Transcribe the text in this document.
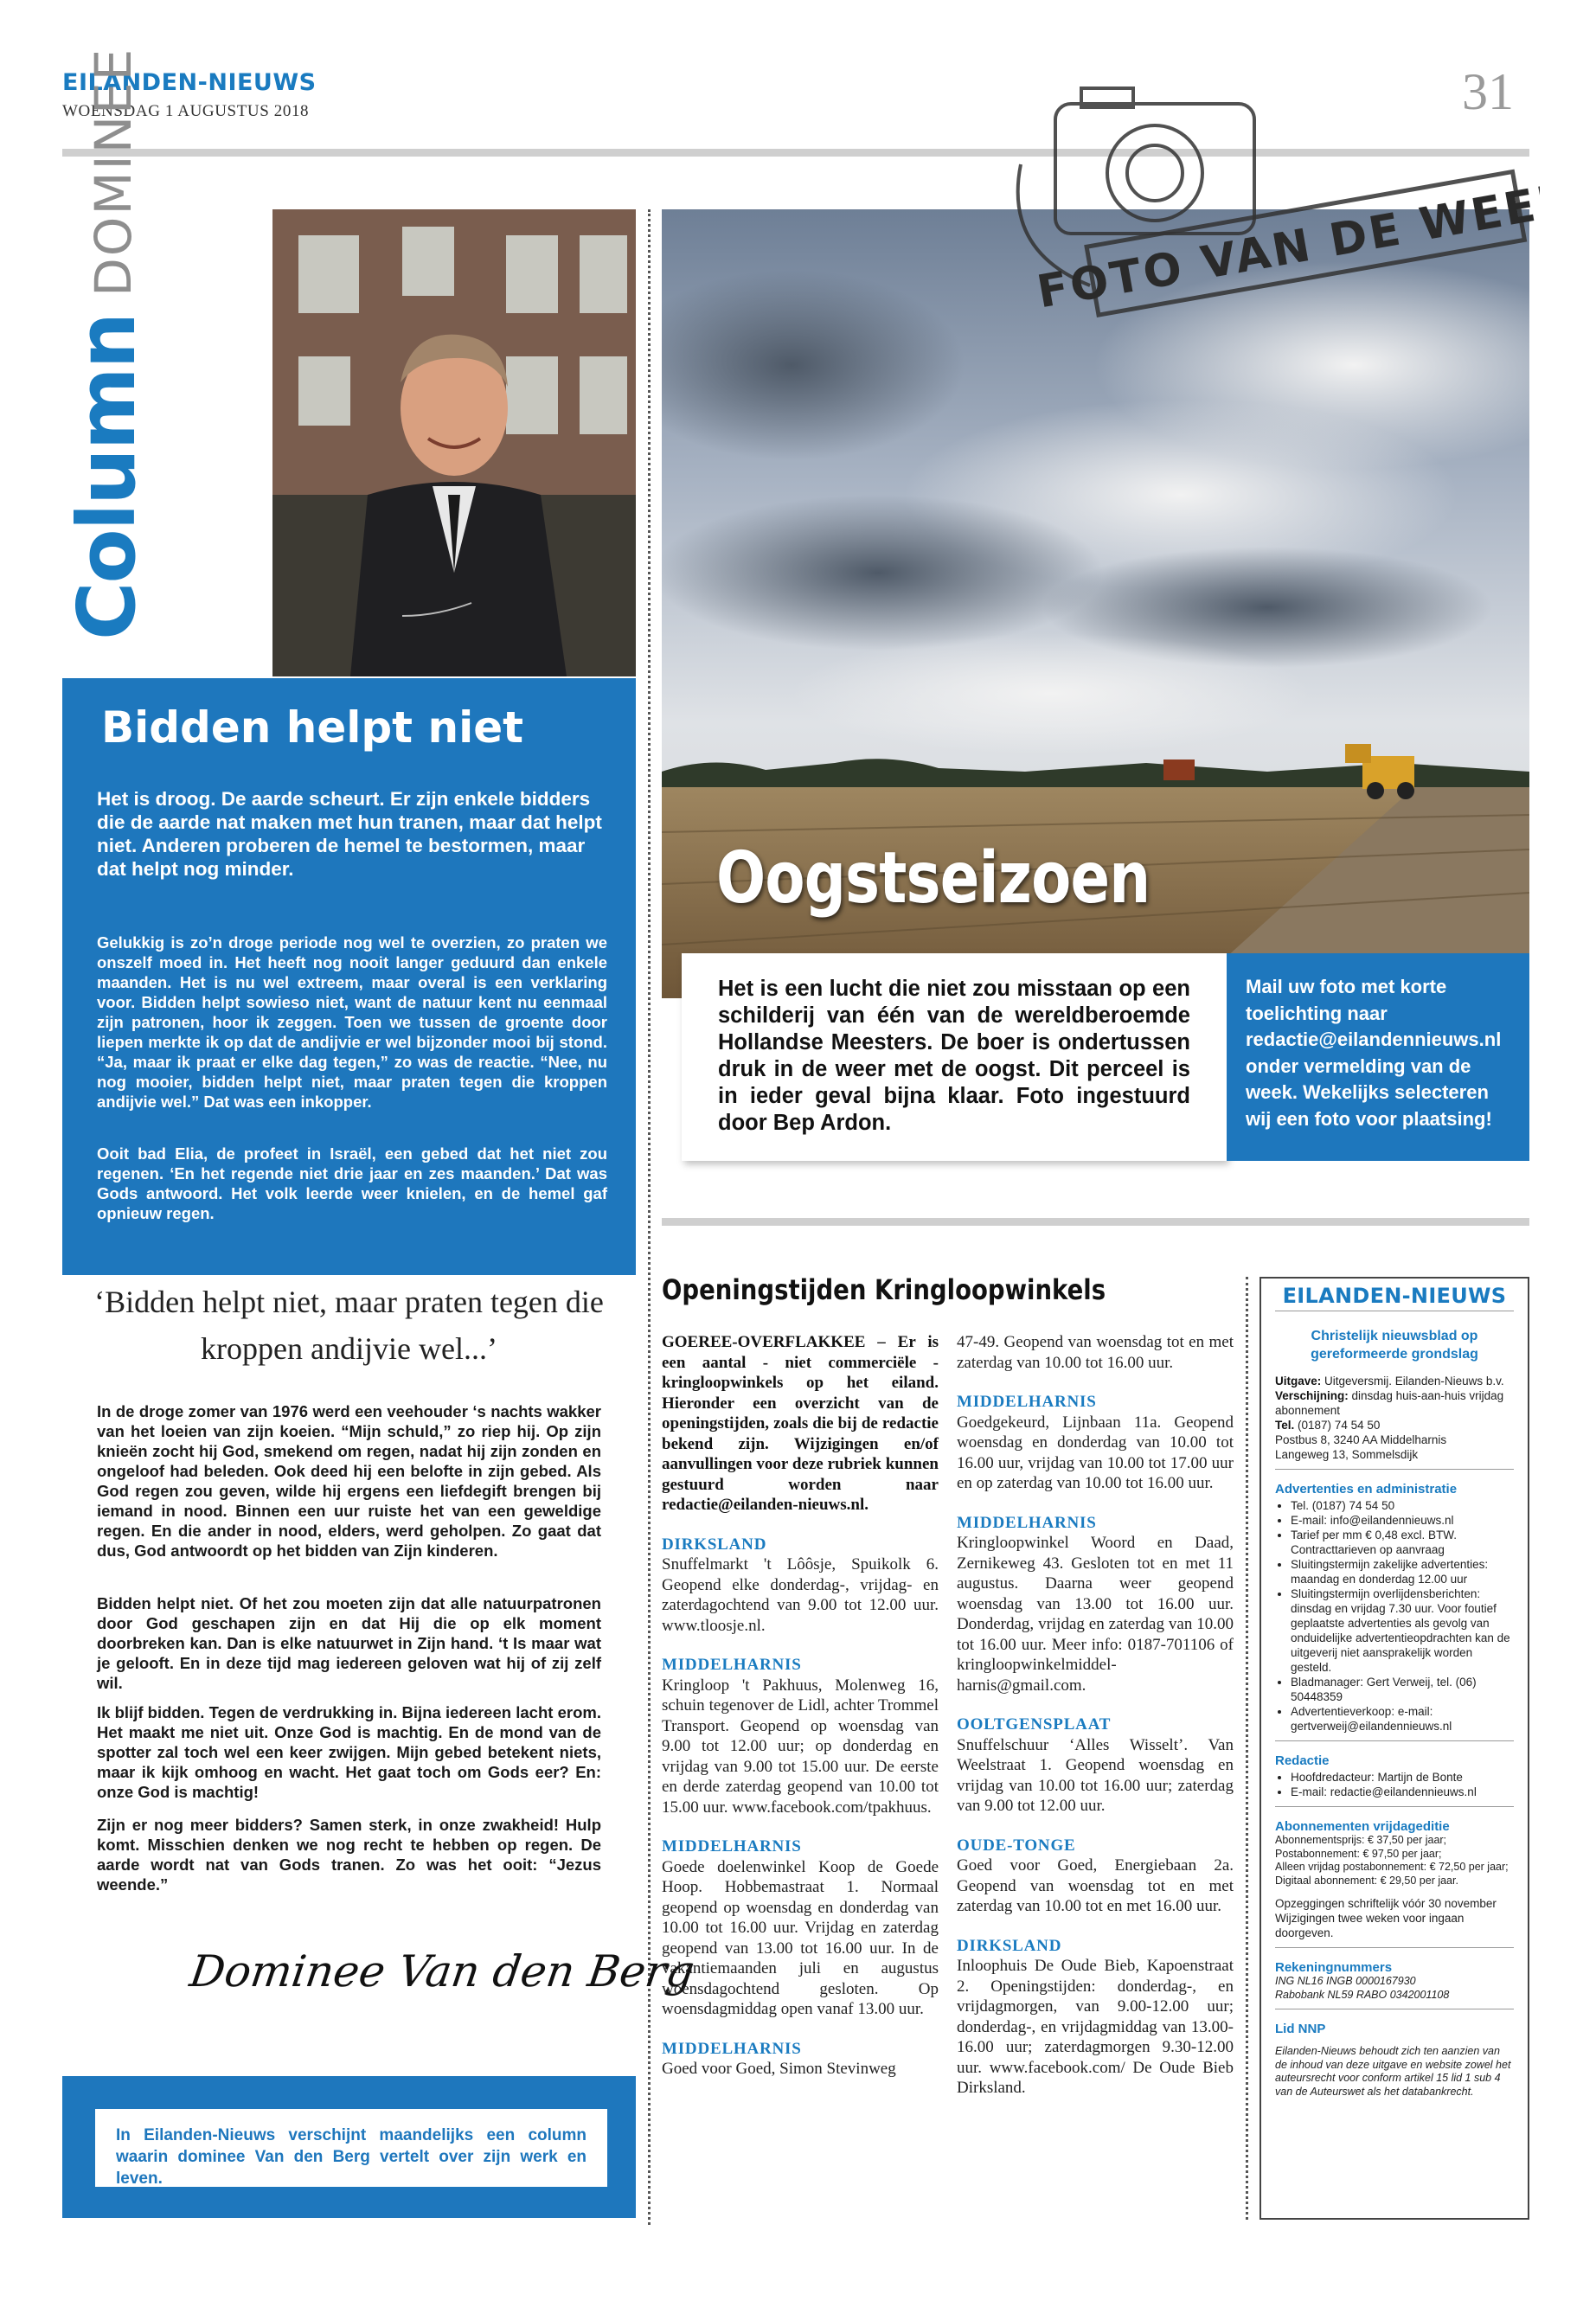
EILANDEN-NIEUWS
WOENSDAG 1 AUGUSTUS 2018	31
ColumnDOMINEE
Bidden helpt niet
Het is droog. De aarde scheurt. Er zijn enkele bidders die de aarde nat maken met hun tranen, maar dat helpt niet. Anderen proberen de hemel te bestormen, maar dat helpt nog minder.
Gelukkig is zo’n droge periode nog wel te overzien, zo praten we onszelf moed in. Het heeft nog nooit langer geduurd dan enkele maanden. Het is nu wel extreem, maar overal is een verklaring voor. Bidden helpt sowieso niet, want de natuur kent nu eenmaal zijn patronen, hoor ik zeggen. Toen we tussen de groente door liepen merkte ik op dat de andijvie er wel bijzonder mooi bij stond. “Ja, maar ik praat er elke dag tegen,” zo was de reactie. “Nee, nu nog mooier, bidden helpt niet, maar praten tegen die kroppen andijvie wel.” Dat was een inkopper.
Ooit bad Elia, de profeet in Israël, een gebed dat het niet zou regenen. ‘En het regende niet drie jaar en zes maanden.’ Dat was Gods antwoord. Het volk leerde weer knielen, en de hemel gaf opnieuw regen.
‘Bidden helpt niet, maar praten tegen die kroppen andijvie wel...’
In de droge zomer van 1976 werd een veehouder ‘s nachts wakker van het loeien van zijn koeien. “Mijn schuld,” zo riep hij. Op zijn knieën zocht hij God, smekend om regen, nadat hij zijn zonden en ongeloof had beleden. Ook deed hij een belofte in zijn gebed. Als God regen zou geven, wilde hij ergens een liefdegift brengen bij iemand in nood. Binnen een uur ruiste het van een geweldige regen. En die ander in nood, elders, werd geholpen. Zo gaat dat dus, God antwoordt op het bidden van Zijn kinderen.
Bidden helpt niet. Of het zou moeten zijn dat alle natuurpatronen door God geschapen zijn en dat Hij die op elk moment doorbreken kan. Dan is elke natuurwet in Zijn hand. ‘t Is maar wat je gelooft. En in deze tijd mag iedereen geloven wat hij of zij zelf wil.
Ik blijf bidden. Tegen de verdrukking in. Bijna iedereen lacht erom. Het maakt me niet uit. Onze God is machtig. En de mond van de spotter zal toch wel een keer zwijgen. Mijn gebed betekent niets, maar ik kijk omhoog en wacht. Het gaat toch om Gods eer? En: onze God is machtig!
Zijn er nog meer bidders? Samen sterk, in onze zwakheid! Hulp komt. Misschien denken we nog recht te hebben op regen. De aarde wordt nat van Gods tranen. Zo was het ooit: “Jezus weende.”
Dominee Van den Berg
In Eilanden-Nieuws verschijnt maandelijks een column waarin dominee Van den Berg vertelt over zijn werk en leven.
FOTO VAN DE WEEK
Oogstseizoen
Het is een lucht die niet zou misstaan op een schilderij van één van de wereldberoemde Hollandse Meesters. De boer is ondertussen druk in de weer met de oogst. Dit perceel is in ieder geval bijna klaar. Foto ingestuurd door Bep Ardon.
Mail uw foto met korte toelichting naar redactie@eilandennieuws.nl onder vermelding van de week. Wekelijks selecteren wij een foto voor plaatsing!
Openingstijden Kringloopwinkels

GOEREE-OVERFLAKKEE – Er is een aantal - niet commerciële - kringloopwinkels op het eiland. Hieronder een overzicht van de openingstijden, zoals die bij de redactie bekend zijn. Wijzigingen en/of aanvullingen voor deze rubriek kunnen gestuurd worden naar redactie@eilanden-nieuws.nl.

DIRKSLAND

Snuffelmarkt 't Lôôsje, Spuikolk 6. Geopend elke donderdag-, vrijdag- en zaterdagochtend van 9.00 tot 12.00 uur. www.tloosje.nl.

MIDDELHARNIS

Kringloop 't Pakhuus, Molenweg 16, schuin tegenover de Lidl, achter Trommel Transport. Geopend op woensdag van 9.00 tot 12.00 uur; op donderdag en vrijdag van 9.00 tot 15.00 uur. De eerste en derde zaterdag geopend van 10.00 tot 15.00 uur. www.facebook.com/tpakhuus.

MIDDELHARNIS

Goede doelenwinkel Koop de Goede Hoop. Hobbemastraat 1. Normaal geopend op woensdag en donderdag van 10.00 tot 16.00 uur. Vrijdag en zaterdag geopend van 13.00 tot 16.00 uur. In de vakantiemaanden juli en augustus woensdagochtend gesloten. Op woensdagmiddag open vanaf 13.00 uur.

MIDDELHARNIS

Goed voor Goed, Simon Stevinweg

47-49. Geopend van woensdag tot en met zaterdag van 10.00 tot 16.00 uur.

MIDDELHARNIS

Goedgekeurd, Lijnbaan 11a. Geopend woensdag en donderdag van 10.00 tot 16.00 uur, vrijdag van 10.00 tot 17.00 uur en op zaterdag van 10.00 tot 16.00 uur.

MIDDELHARNIS

Kringloopwinkel Woord en Daad, Zernikeweg 43. Gesloten tot en met 11 augustus. Daarna weer geopend woensdag van 13.00 tot 16.00 uur. Donderdag, vrijdag en zaterdag van 10.00 tot 16.00 uur. Meer info: 0187-701106 of kringloopwinkelmiddel-harnis@gmail.com.

OOLTGENSPLAAT

Snuffelschuur ‘Alles Wisselt’. Van Weelstraat 1. Geopend woensdag en vrijdag van 10.00 tot 16.00 uur; zaterdag van 9.00 tot 12.00 uur.

OUDE-TONGE

Goed voor Goed, Energiebaan 2a. Geopend van woensdag tot en met zaterdag van 10.00 tot en met 16.00 uur.

DIRKSLAND

Inloophuis De Oude Bieb, Kapoenstraat 2. Openingstijden: donderdag-, en vrijdagmorgen, van 9.00-12.00 uur; donderdag-, en vrijdagmiddag van 13.00-16.00 uur; zaterdagmorgen 9.30-12.00 uur. www.facebook.com/ De Oude Bieb Dirksland.

EILANDEN-NIEUWS
Christelijk nieuwsblad op gereformeerde grondslag
Uitgave: Uitgeversmij. Eilanden-Nieuws b.v.
Verschijning: dinsdag huis-aan-huis vrijdag abonnement
Tel. (0187) 74 54 50
Postbus 8, 3240 AA Middelharnis
Langeweg 13, Sommelsdijk
Advertenties en administratie
• Tel. (0187) 74 54 50
• E-mail: info@eilandennieuws.nl
• Tarief per mm € 0,48 excl. BTW. Contracttarieven op aanvraag
• Sluitingstermijn zakelijke advertenties: maandag en donderdag 12.00 uur
• Sluitingstermijn overlijdensberichten: dinsdag en vrijdag 7.30 uur. Voor foutief geplaatste advertenties als gevolg van onduidelijke advertentieopdrachten kan de uitgeverij niet aansprakelijk worden gesteld.
• Bladmanager: Gert Verweij, tel. (06) 50448359
• Advertentieverkoop: e-mail: gertverweij@eilandennieuws.nl
Redactie
• Hoofdredacteur: Martijn de Bonte
• E-mail: redactie@eilandennieuws.nl
Abonnementen vrijdageditie
Abonnementsprijs: € 37,50 per jaar;
Postabonnement: € 97,50 per jaar;
Alleen vrijdag postabonnement: € 72,50 per jaar;
Digitaal abonnement: € 29,50 per jaar.
Opzeggingen schriftelijk vóór 30 november Wijzigingen twee weken voor ingaan doorgeven.
Rekeningnummers
ING NL16 INGB 0000167930
Rabobank NL59 RABO 0342001108
Lid NNP
Eilanden-Nieuws behoudt zich ten aanzien van de inhoud van deze uitgave en website zowel het auteursrecht voor conform artikel 15 lid 1 sub 4 van de Auteurswet als het databankrecht.
